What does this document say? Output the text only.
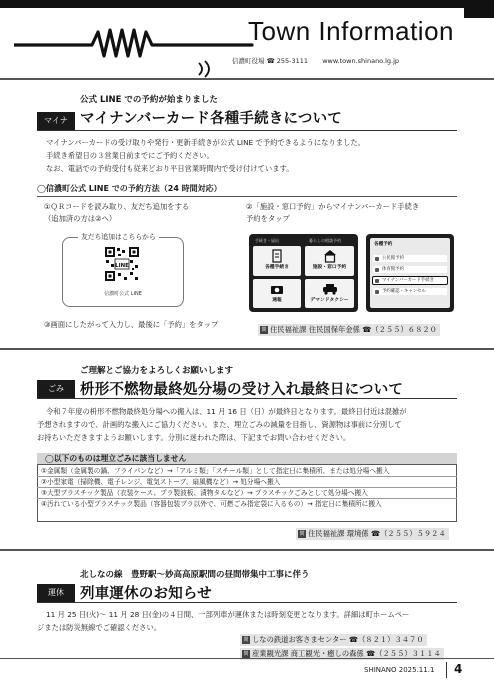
Town Information
信濃町役場 ☎ 255-3111 www.town.shinano.lg.jp
マイナ
公式 LINE での予約が始まりました
マイナンバーカード各種手続きについて
マイナンバーカードの受け取りや発行・更新手続きが公式 LINE で予約できるようになりました。
手続き希望日の３営業日前までにご予約ください。
なお、電話での予約受付も従来どおり平日営業時間内で受け付けています。
◯信濃町公式 LINE での予約方法（24 時間対応）
①ＱＲコードを読み取り、友だち追加をする
（追加済の方は②へ）
②「施設・窓口予約」からマイナンバーカード手続き
予約をタップ
友だち追加はこちらから
LINE
信濃町公式 LINE
手続き・届出	暮らしの相談予約
各種手続き	施設・窓口予約
通報	デマンドタクシー
各種予約
公民館予約
体育館予約
マイナンバーカード手続き
予約確認・キャンセル
③画面にしたがって入力し、最後に「予約」をタップ
問 住民福祉課 住民国保年金係 ☎（２５５）６８２０
ごみ
ご理解とご協力をよろしくお願いします
枡形不燃物最終処分場の受け入れ最終日について
令和７年度の枡形不燃物最終処分場への搬入は、11 月 16 日（日）が最終日となります。最終日付近は混雑が
予想されますので、計画的な搬入にご協力ください。また、埋立ごみの減量を目指し、資源物は事前に分別して
お持ちいただきますようお願いします。分別に迷われた際は、下記までお問い合わせください。
◯以下のものは埋立ごみに該当しません
①金属類（金属製の鍋、フライパンなど）→「アルミ類」「スチール類」として指定日に集積所、または処分場へ搬入
②小型家電（掃除機、電子レンジ、電気ストーブ、扇風機など）→ 処分場へ搬入
③大型プラスチック製品（衣装ケース、プラ製波板、漬物タルなど）→ プラスチックごみとして処分場へ搬入
④汚れている小型プラスチック製品（容器包装プラ以外で、可燃ごみ指定袋に入るもの）→ 指定日に集積所に搬入
問 住民福祉課 環境係 ☎（２５５）５９２４
運休
北しなの線　豊野駅〜妙高高原駅間の昼間帯集中工事に伴う
列車運休のお知らせ
11 月 25 日(火)〜 11 月 28 日(金)の４日間、一部列車が運休または時刻変更となります。詳細は町ホームペー
ジまたは防災無線でご確認ください。
問 しなの鉄道お客さまセンター ☎（８２１）３４７０
問 産業観光課 商工観光・癒しの森係 ☎（２５５）３１１４
SHINANO 2025.11.1 4
